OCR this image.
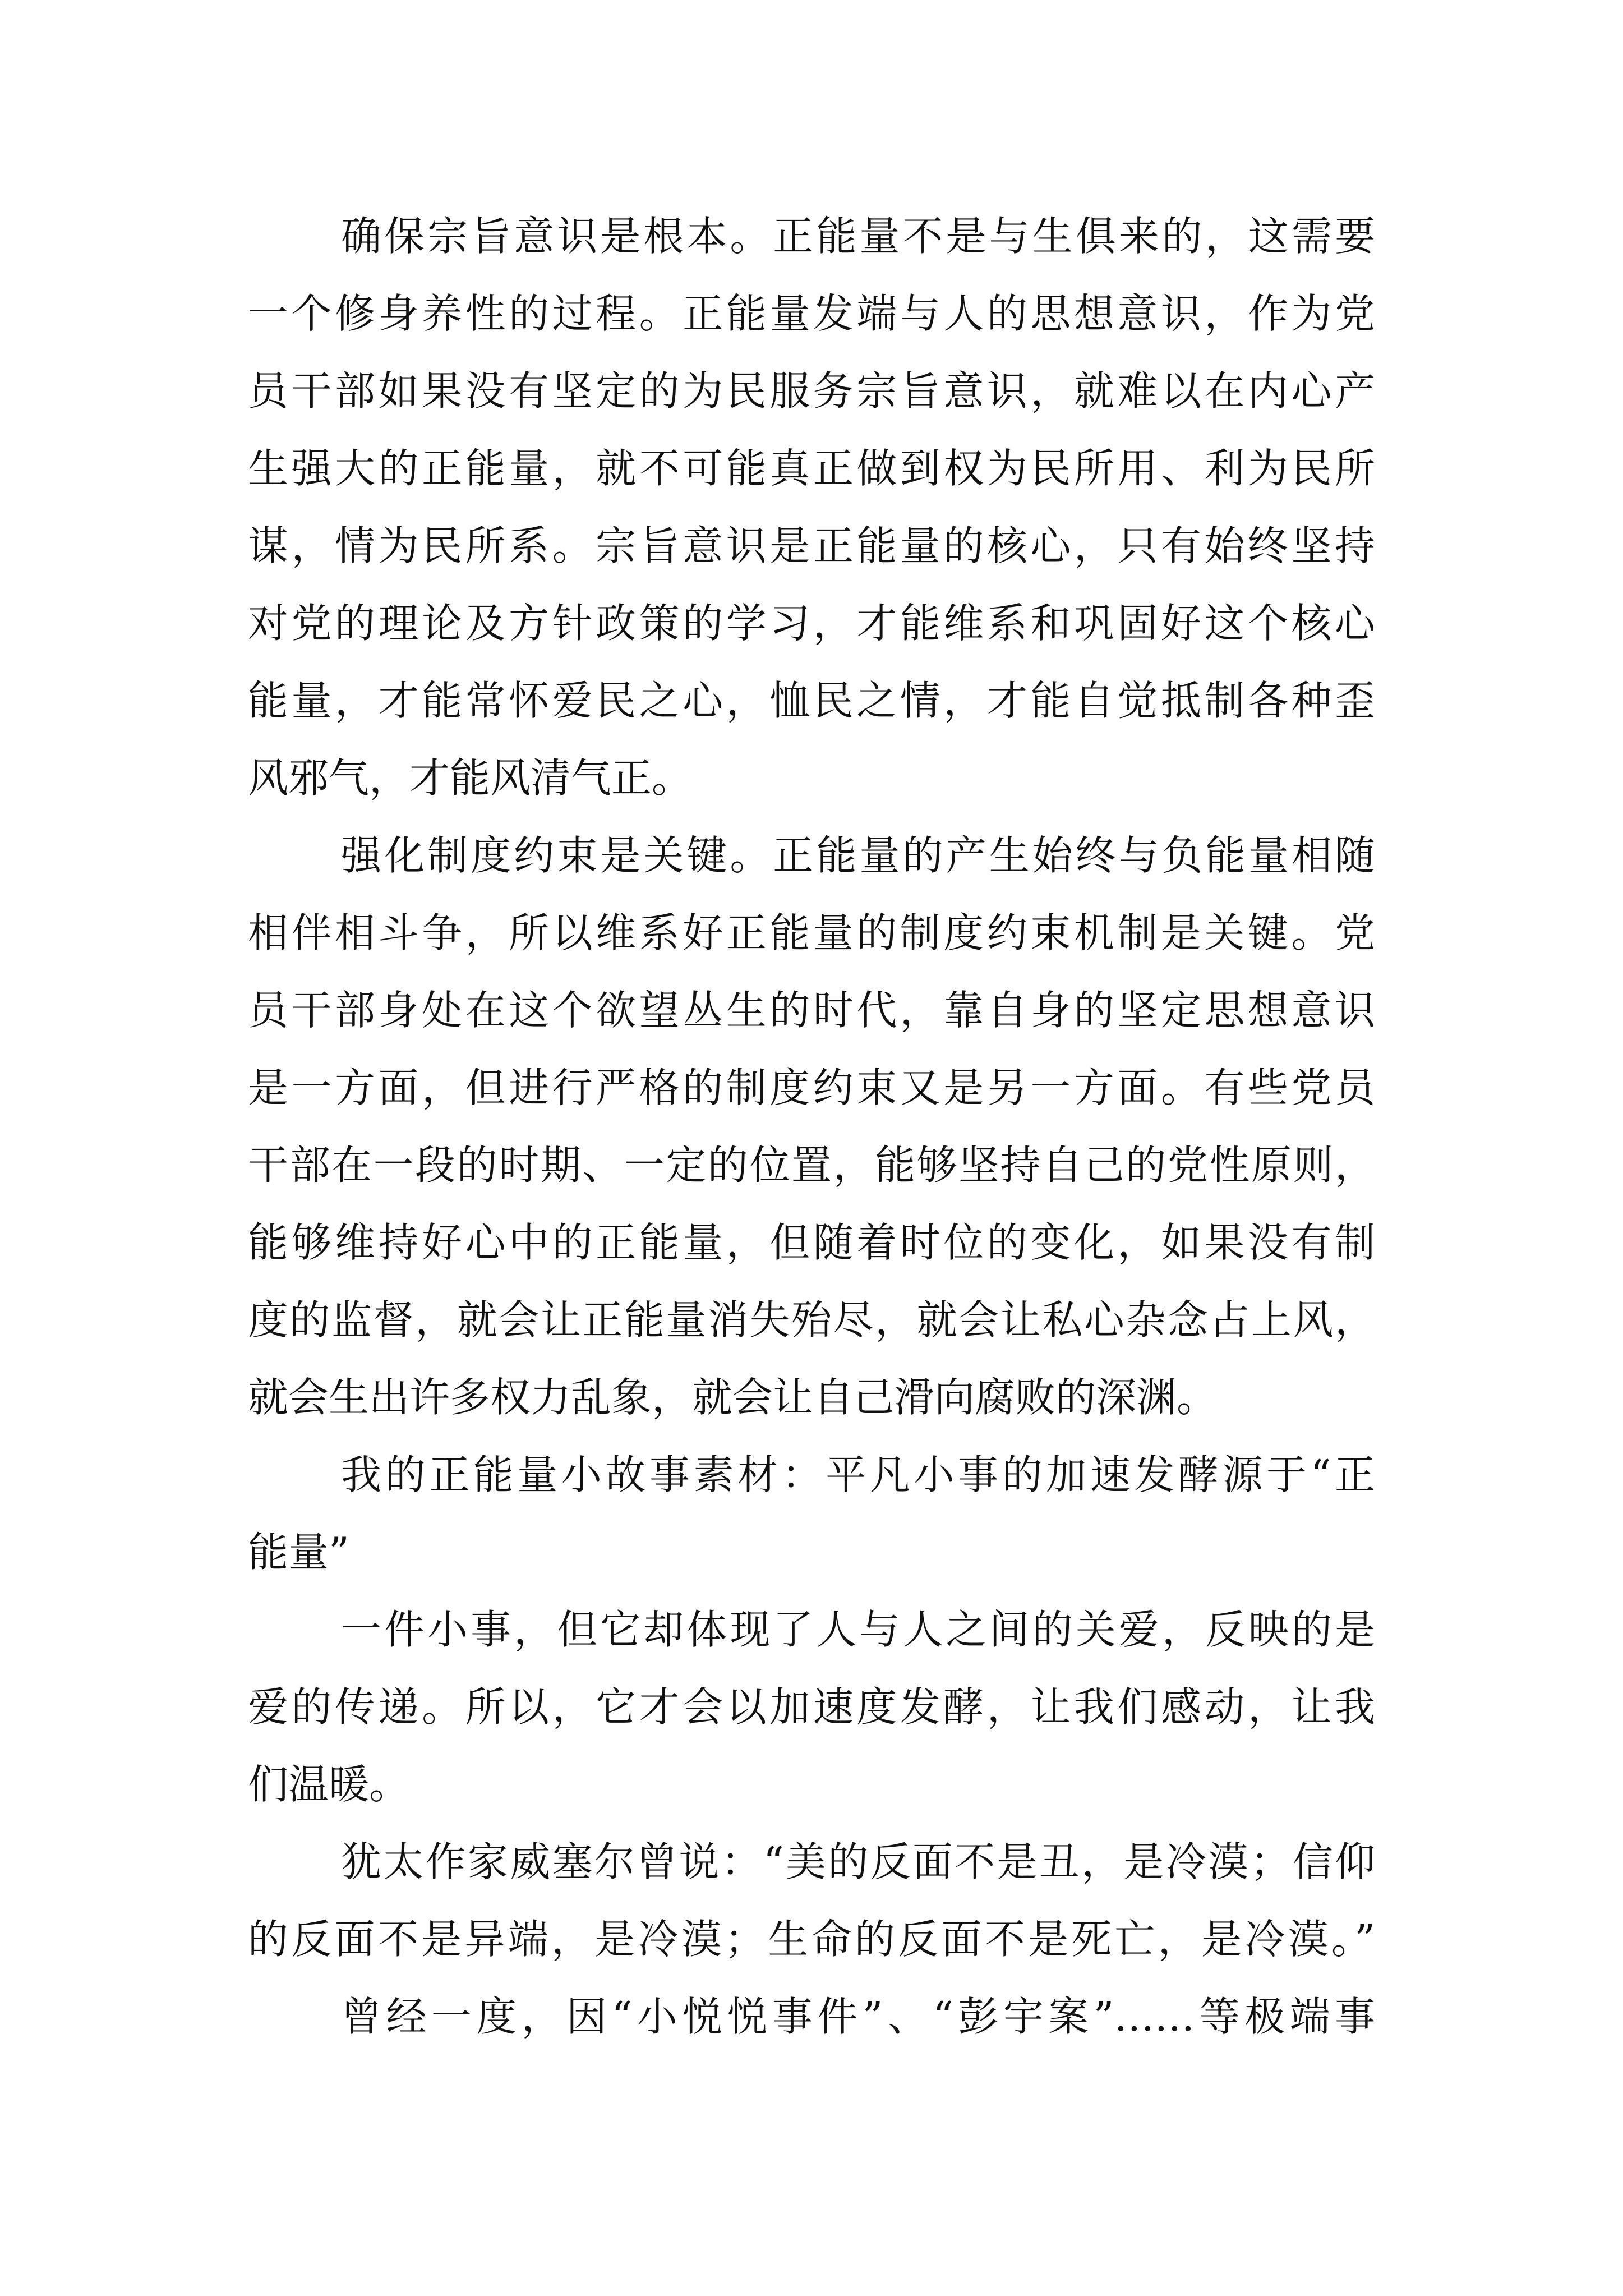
确保宗旨意识是根本。正能量不是与生俱来的，这需要
一个修身养性的过程。正能量发端与人的思想意识，作为党
员干部如果没有坚定的为民服务宗旨意识，就难以在内心产
生强大的正能量，就不可能真正做到权为民所用、利为民所
谋，情为民所系。宗旨意识是正能量的核心，只有始终坚持
对党的理论及方针政策的学习，才能维系和巩固好这个核心
能量，才能常怀爱民之心，恤民之情，才能自觉抵制各种歪
风邪气，才能风清气正。
强化制度约束是关键。正能量的产生始终与负能量相随
相伴相斗争，所以维系好正能量的制度约束机制是关键。党
员干部身处在这个欲望丛生的时代，靠自身的坚定思想意识
是一方面，但进行严格的制度约束又是另一方面。有些党员
干部在一段的时期、一定的位置，能够坚持自己的党性原则，
能够维持好心中的正能量，但随着时位的变化，如果没有制
度的监督，就会让正能量消失殆尽，就会让私心杂念占上风，
就会生出许多权力乱象，就会让自己滑向腐败的深渊。
我的正能量小故事素材：平凡小事的加速发酵源于“正
能量”
一件小事，但它却体现了人与人之间的关爱，反映的是
爱的传递。所以，它才会以加速度发酵，让我们感动，让我
们温暖。
犹太作家威塞尔曾说：“美的反面不是丑，是冷漠；信仰
的反面不是异端，是冷漠；生命的反面不是死亡，是冷漠。”
曾经一度，因“小悦悦事件”、“彭宇案”……等极端事
